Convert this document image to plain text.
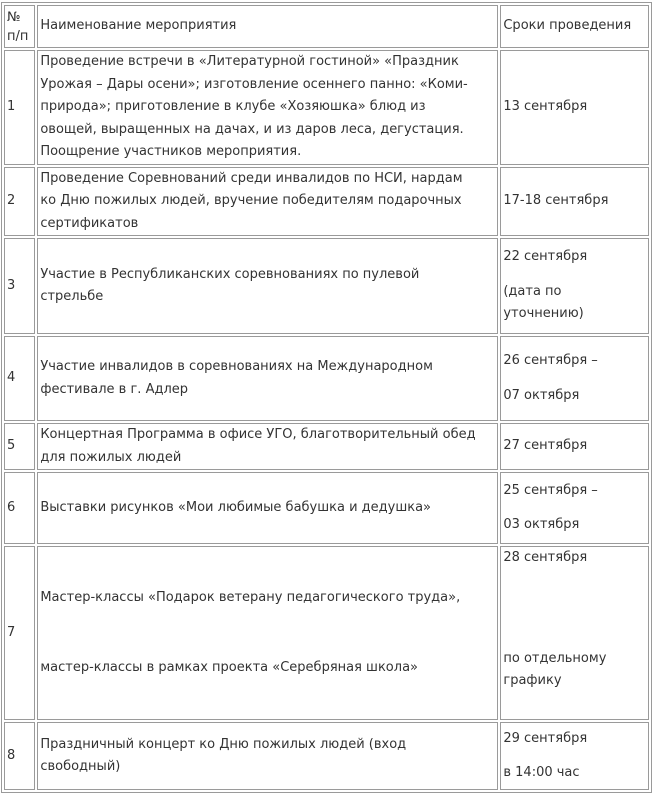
№
п/п	Наименование мероприятия	Сроки проведения
1	Проведение встречи в «Литературной гостиной» «Праздник
Урожая – Дары осени»; изготовление осеннего панно: «Коми-
природа»; приготовление в клубе «Хозяюшка» блюд из
овощей, выращенных на дачах, и из даров леса, дегустация.
Поощрение участников мероприятия.	13 сентября

2	Проведение Соревнований среди инвалидов по НСИ, нардам
ко Дню пожилых людей, вручение победителям подарочных
сертификатов	17-18 сентября

3	Участие в Республиканских соревнованиях по пулевой
стрельбе	22 сентября
(дата по
уточнению)

4	Участие инвалидов в соревнованиях на Международном
фестивале в г. Адлер	26 сентября –
07 октября

5	Концертная Программа в офисе УГО, благотворительный обед
для пожилых людей	27 сентября

6	Выставки рисунков «Мои любимые бабушка и дедушка»	25 сентября –
03 октября

7	Мастер-классы «Подарок ветерану педагогического труда»,
мастер-классы в рамках проекта «Серебряная школа»	28 сентября
по отдельному
графику

8	Праздничный концерт ко Дню пожилых людей (вход
свободный)	29 сентября
в 14:00 час
